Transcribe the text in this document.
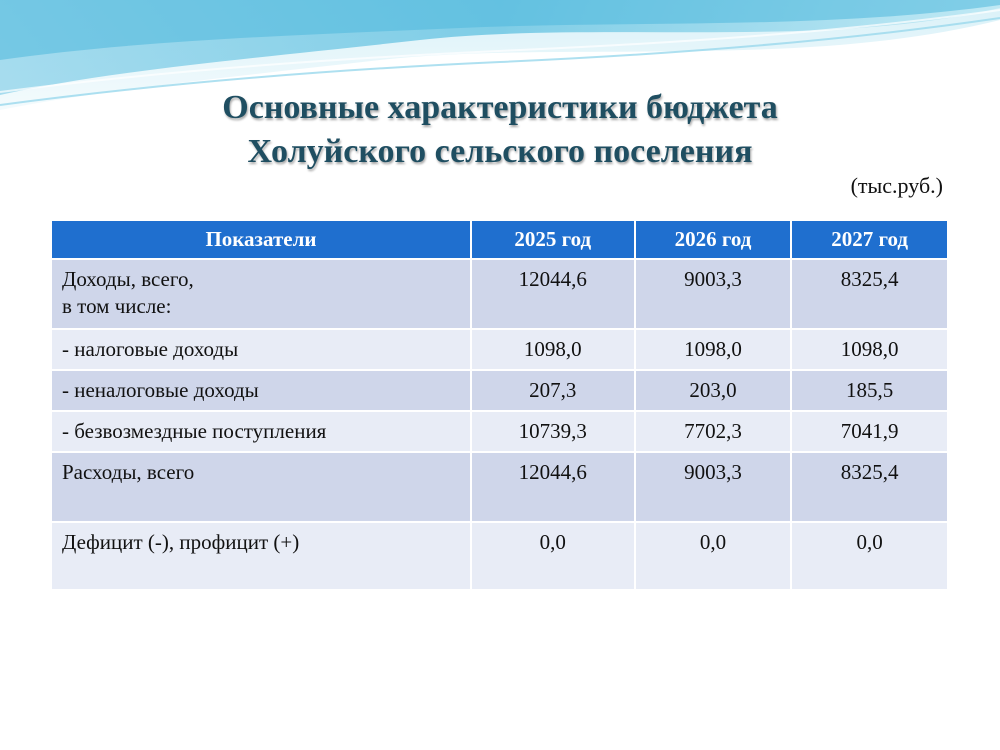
Основные характеристики бюджета
Холуйского сельского поселения
(тыс.руб.)
Показатели	2025 год	2026 год	2027 год

Доходы, всего,
в том числе:	12044,6	9003,3	8325,4
- налоговые доходы	1098,0	1098,0	1098,0
- неналоговые доходы	207,3	203,0	185,5
- безвозмездные поступления	10739,3	7702,3	7041,9
Расходы, всего	12044,6	9003,3	8325,4
Дефицит (-), профицит (+)	0,0	0,0	0,0
